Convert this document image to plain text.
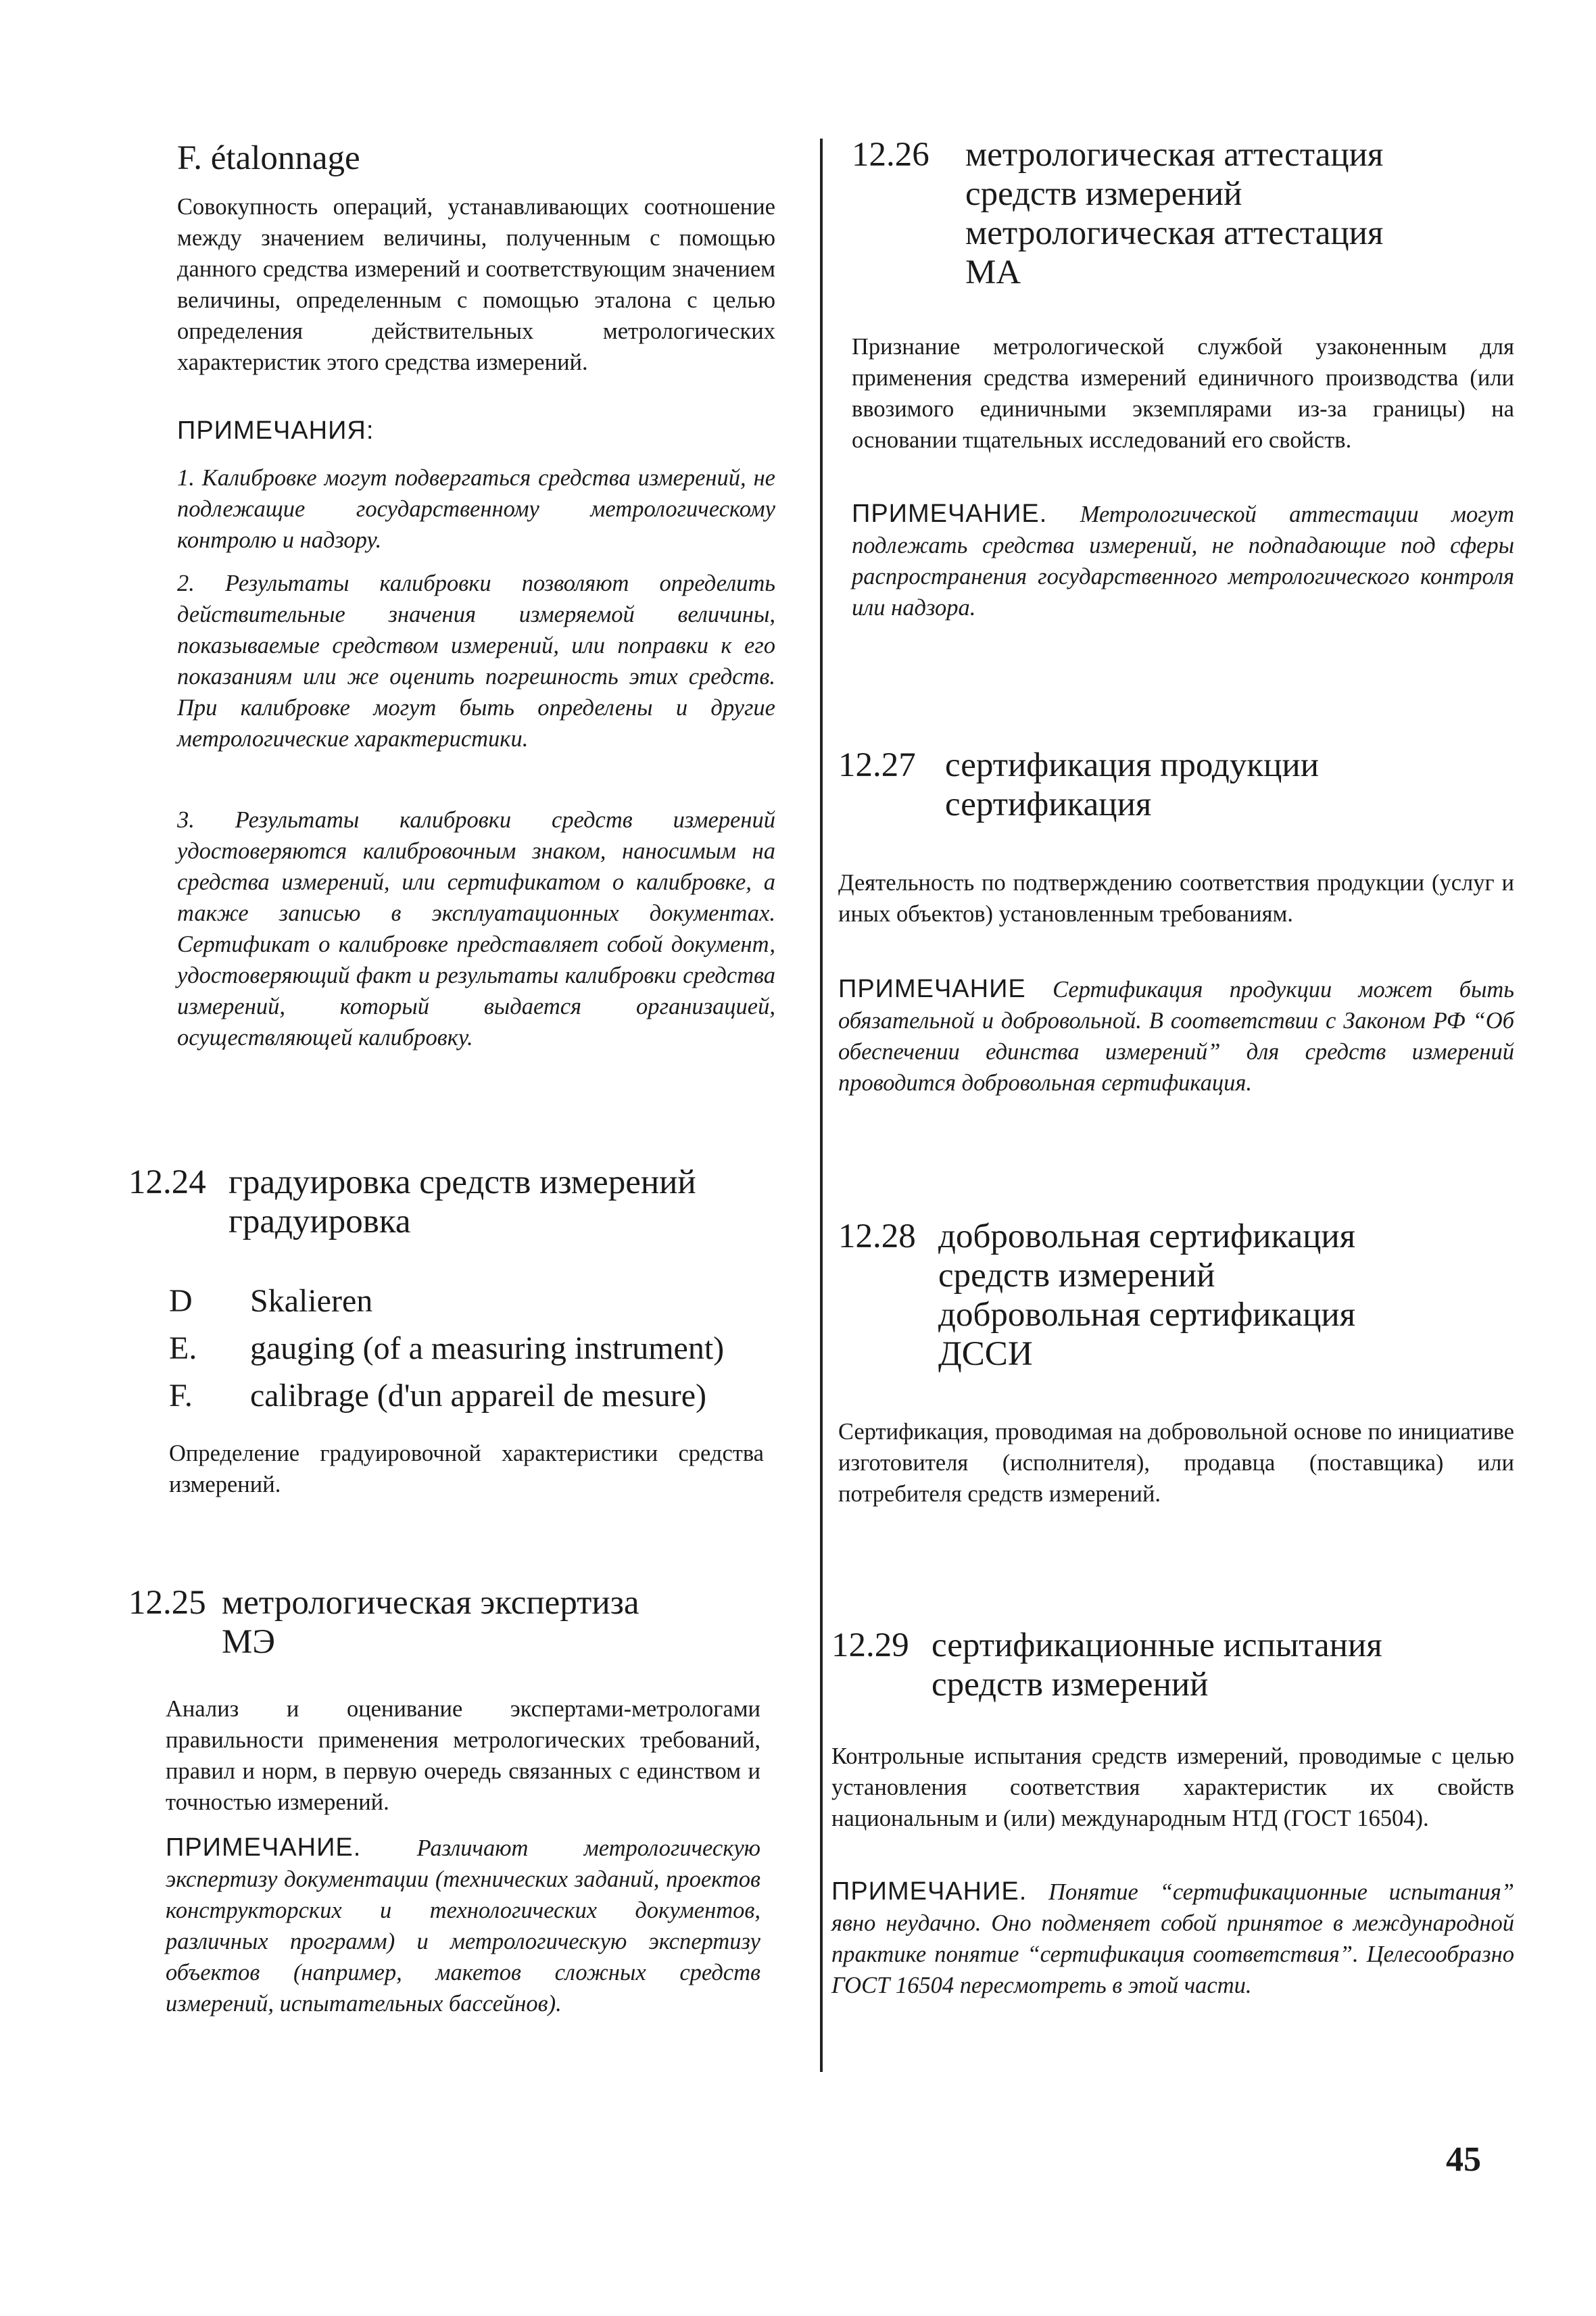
F. étalonnage
Совокупность операций, устанавливающих соотношение между значением величины, полученным с помощью данного средства измерений и соответствующим значением величины, определенным с помощью эталона с целью определения действительных метрологических характеристик этого средства измерений.
ПРИМЕЧАНИЯ:
1. Калибровке могут подвергаться средства измерений, не подлежащие государственному метрологическому контролю и надзору.
2. Результаты калибровки позволяют определить действительные значения измеряемой величины, показываемые средством измерений, или поправки к его показаниям или же оценить погрешность этих средств. При калибровке могут быть определены и другие метрологические характеристики.
3. Результаты калибровки средств измерений удостоверяются калибровочным знаком, наносимым на средства измерений, или сертификатом о калибровке, а также записью в эксплуатационных документах. Сертификат о калибровке представляет собой документ, удостоверяющий факт и результаты калибровки средства измерений, который выдается организацией, осуществляющей калибровку.
12.24 градуировка средств измерений
градуировка
D Skalieren
E. gauging (of a measuring instrument)
F. calibrage (d'un appareil de mesure)
Определение градуировочной характеристики средства измерений.
12.25 метрологическая экспертиза
МЭ
Анализ и оценивание экспертами-метрологами правильности применения метрологических требований, правил и норм, в первую очередь связанных с единством и точностью измерений.
ПРИМЕЧАНИЕ. Различают метрологическую экспертизу документации (технических заданий, проектов конструкторских и технологических документов, различных программ) и метрологическую экспертизу объектов (например, макетов сложных средств измерений, испытательных бассейнов).
12.26 метрологическая аттестация
средств измерений
метрологическая аттестация
МА
Признание метрологической службой узаконенным для применения средства измерений единичного производства (или ввозимого единичными экземплярами из-за границы) на основании тщательных исследований его свойств.
ПРИМЕЧАНИЕ. Метрологической аттестации могут подлежать средства измерений, не подпадающие под сферы распространения государственного метрологического контроля или надзора.
12.27 сертификация продукции
сертификация
Деятельность по подтверждению соответствия продукции (услуг и иных объектов) установленным требованиям.
ПРИМЕЧАНИЕ Сертификация продукции может быть обязательной и добровольной. В соответствии с Законом РФ “Об обеспечении единства измерений” для средств измерений проводится добровольная сертификация.
12.28 добровольная сертификация
средств измерений
добровольная сертификация
ДССИ
Сертификация, проводимая на добровольной основе по инициативе изготовителя (исполнителя), продавца (поставщика) или потребителя средств измерений.
12.29 сертификационные испытания
средств измерений
Контрольные испытания средств измерений, проводимые с целью установления соответствия характеристик их свойств национальным и (или) международным НТД (ГОСТ 16504).
ПРИМЕЧАНИЕ. Понятие “сертификационные испытания” явно неудачно. Оно подменяет собой принятое в международной практике понятие “сертификация соответствия”. Целесообразно ГОСТ 16504 пересмотреть в этой части.
45
